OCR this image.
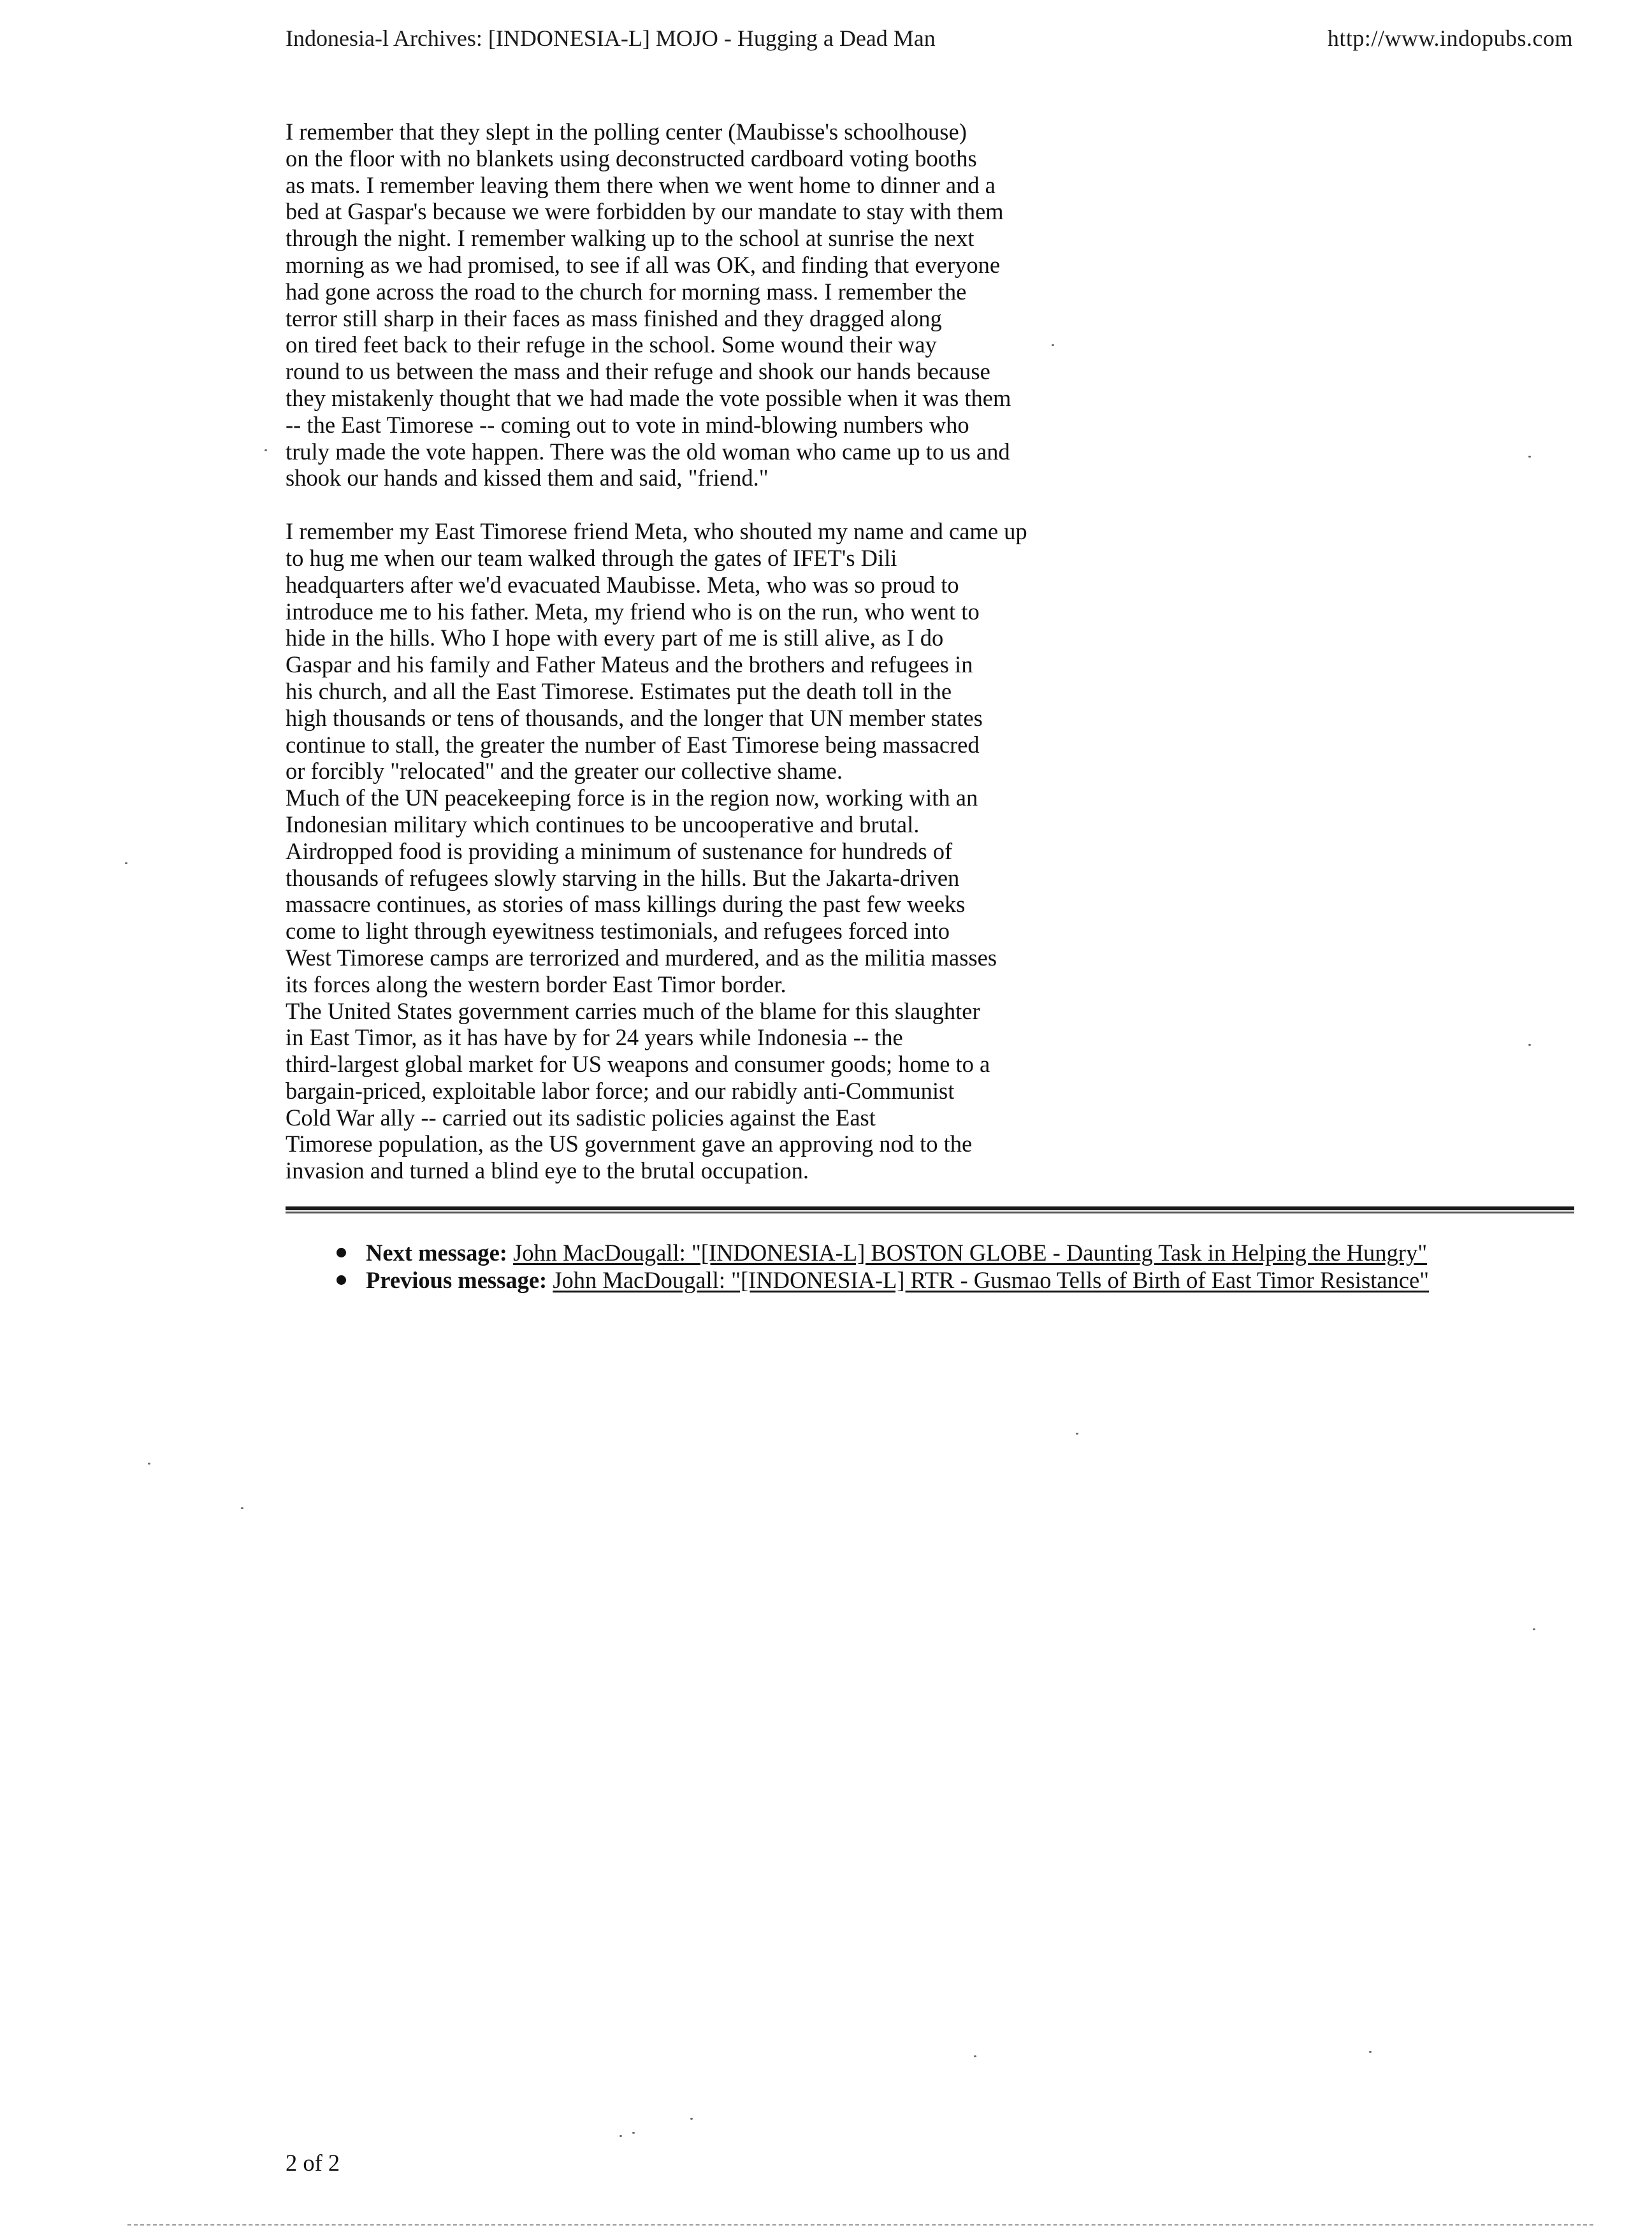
Indonesia-l Archives: [INDONESIA-L] MOJO - Hugging a Dead Man	http://www.indopubs.com
I remember that they slept in the polling center (Maubisse's schoolhouse)
on the floor with no blankets using deconstructed cardboard voting booths
as mats. I remember leaving them there when we went home to dinner and a
bed at Gaspar's because we were forbidden by our mandate to stay with them
through the night. I remember walking up to the school at sunrise the next
morning as we had promised, to see if all was OK, and finding that everyone
had gone across the road to the church for morning mass. I remember the
terror still sharp in their faces as mass finished and they dragged along
on tired feet back to their refuge in the school. Some wound their way
round to us between the mass and their refuge and shook our hands because
they mistakenly thought that we had made the vote possible when it was them
-- the East Timorese -- coming out to vote in mind-blowing numbers who
truly made the vote happen. There was the old woman who came up to us and
shook our hands and kissed them and said, "friend."
I remember my East Timorese friend Meta, who shouted my name and came up
to hug me when our team walked through the gates of IFET's Dili
headquarters after we'd evacuated Maubisse. Meta, who was so proud to
introduce me to his father. Meta, my friend who is on the run, who went to
hide in the hills. Who I hope with every part of me is still alive, as I do
Gaspar and his family and Father Mateus and the brothers and refugees in
his church, and all the East Timorese. Estimates put the death toll in the
high thousands or tens of thousands, and the longer that UN member states
continue to stall, the greater the number of East Timorese being massacred
or forcibly "relocated" and the greater our collective shame.
Much of the UN peacekeeping force is in the region now, working with an
Indonesian military which continues to be uncooperative and brutal.
Airdropped food is providing a minimum of sustenance for hundreds of
thousands of refugees slowly starving in the hills. But the Jakarta-driven
massacre continues, as stories of mass killings during the past few weeks
come to light through eyewitness testimonials, and refugees forced into
West Timorese camps are terrorized and murdered, and as the militia masses
its forces along the western border East Timor border.
The United States government carries much of the blame for this slaughter
in East Timor, as it has have by for 24 years while Indonesia -- the
third-largest global market for US weapons and consumer goods; home to a
bargain-priced, exploitable labor force; and our rabidly anti-Communist
Cold War ally -- carried out its sadistic policies against the East
Timorese population, as the US government gave an approving nod to the
invasion and turned a blind eye to the brutal occupation.
Next message: John MacDougall: "[INDONESIA-L] BOSTON GLOBE - Daunting Task in Helping the Hungry"
Previous message: John MacDougall: "[INDONESIA-L] RTR - Gusmao Tells of Birth of East Timor Resistance"
2 of 2
